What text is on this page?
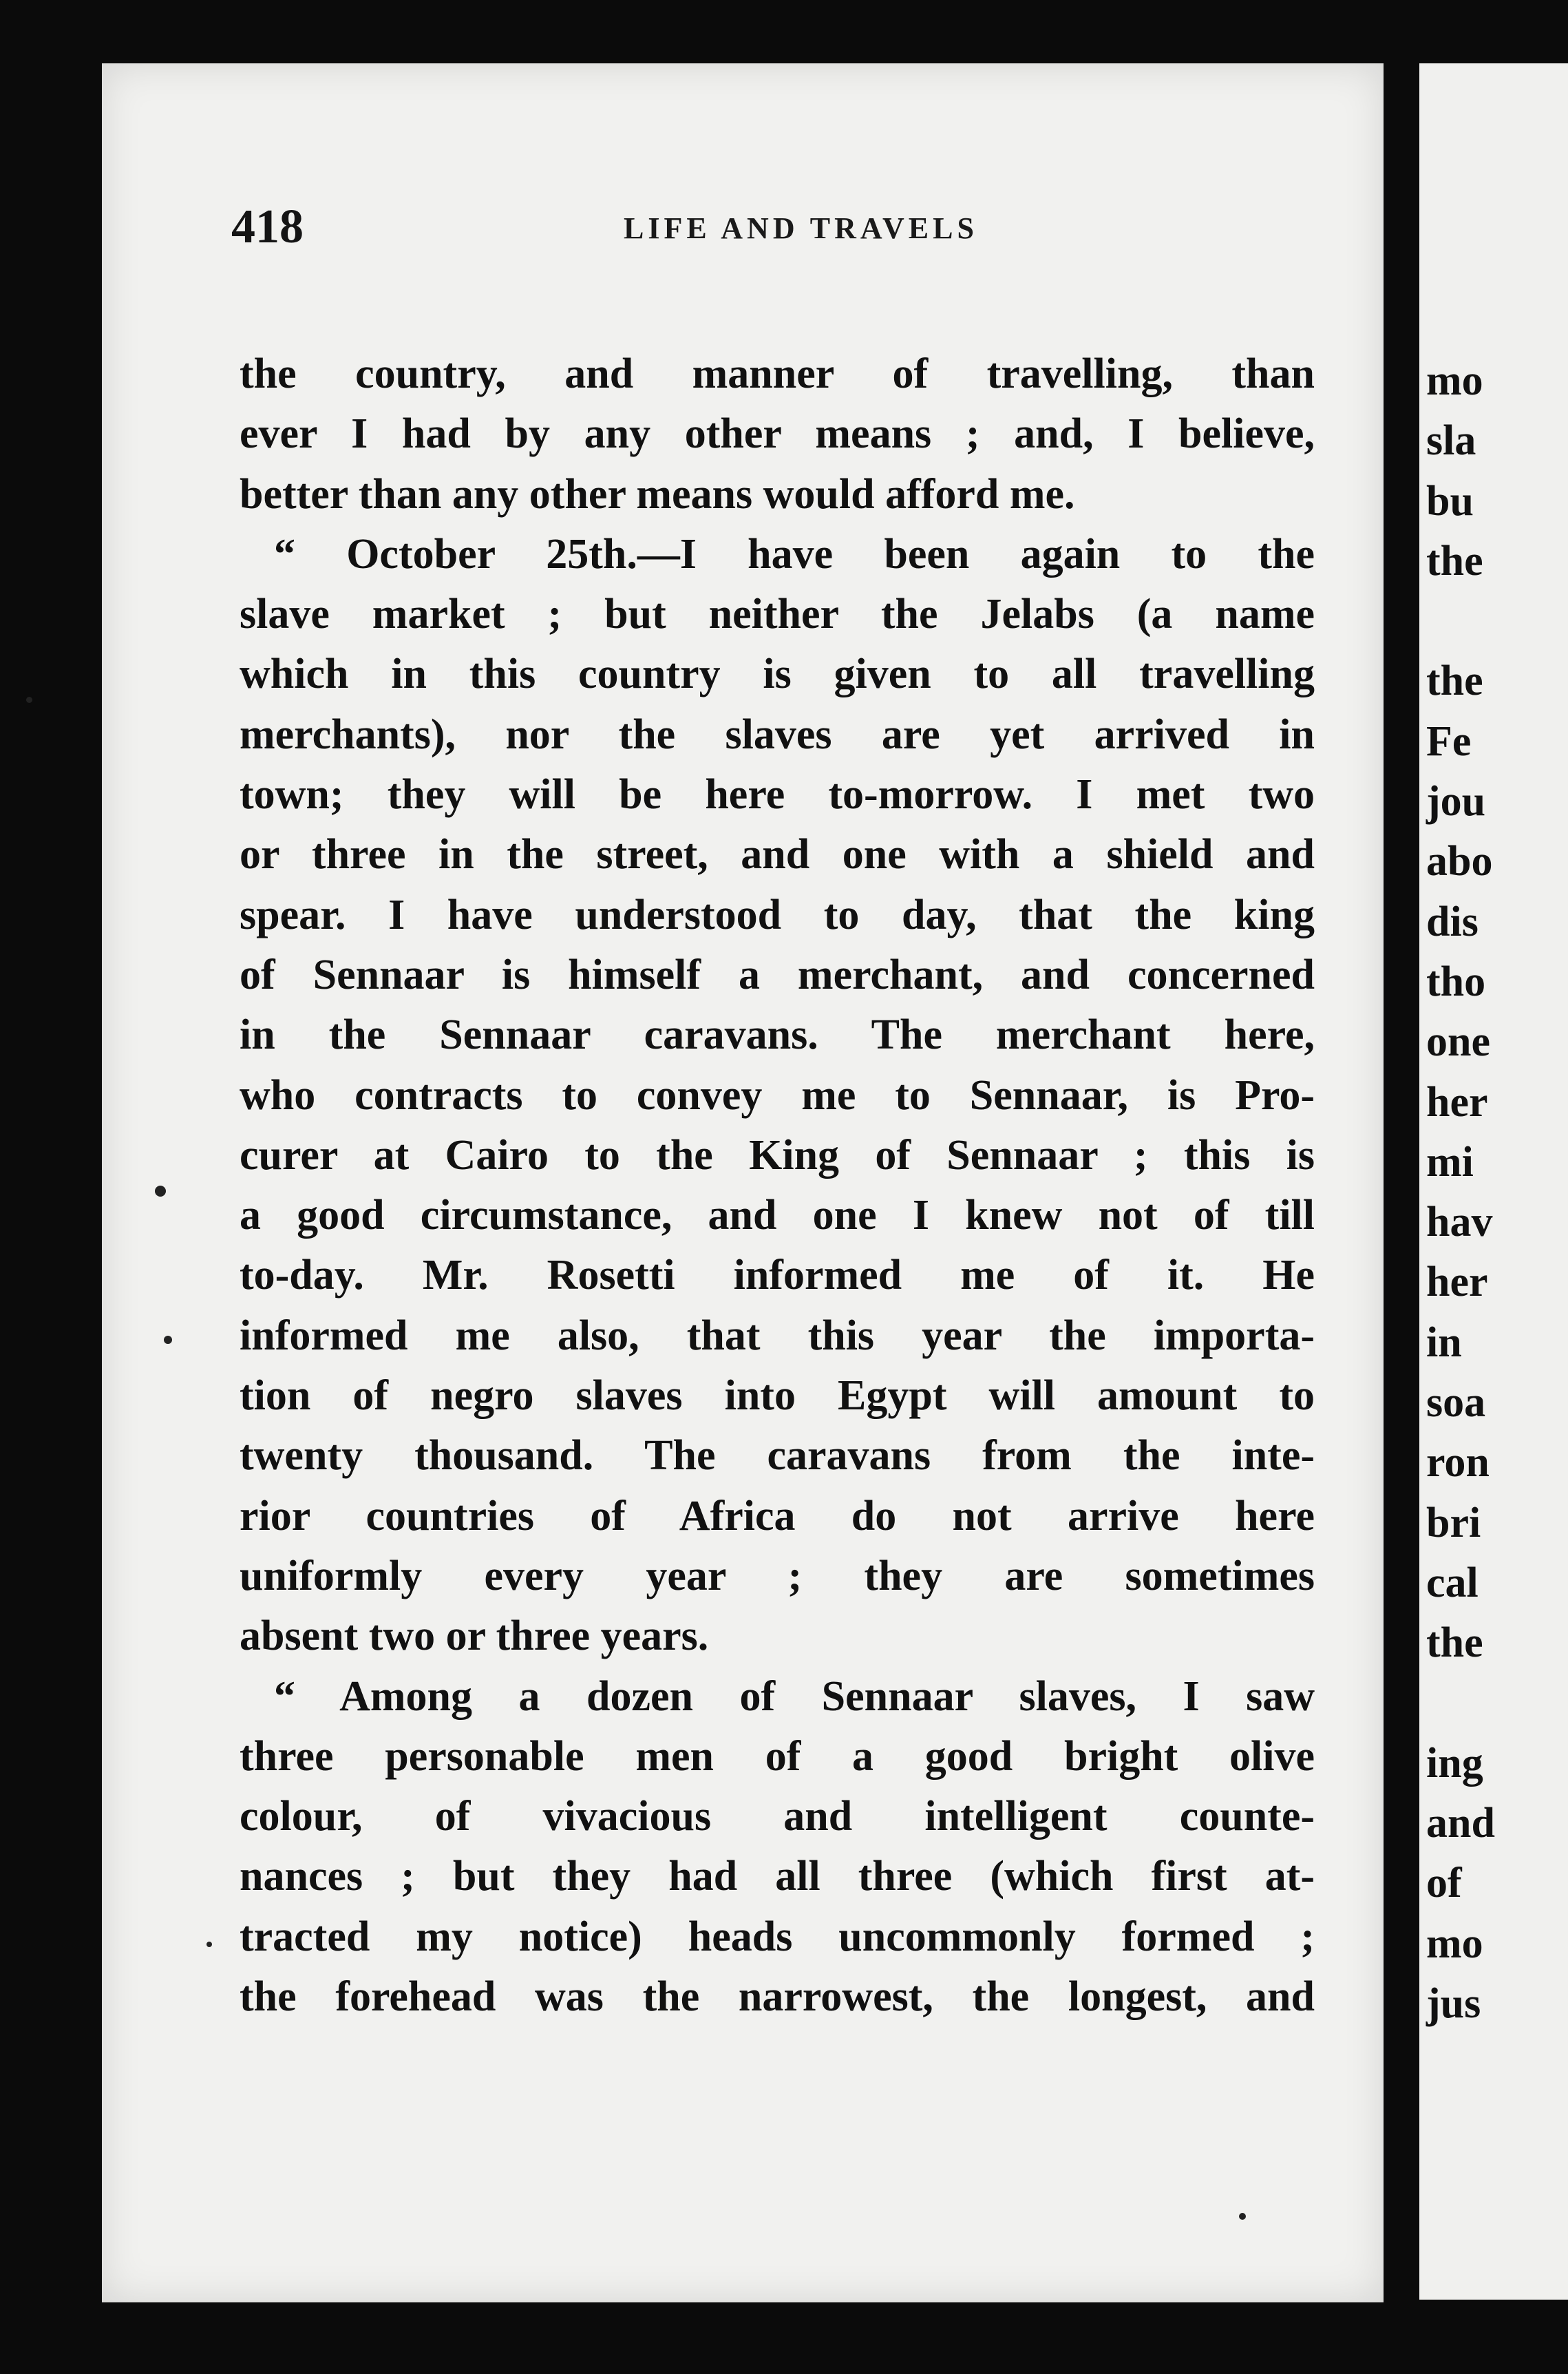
mo
sla
bu
the
the
Fe
jou
abo
dis
tho
one
her
mi
hav
her
in
soa
ron
bri
cal
the
ing
and
of
mo
jus
418	LIFE AND TRAVELS
the country, and manner of travelling, than
ever I had by any other means ; and, I believe,
better than any other means would afford me.
“ October 25th.—I have been again to the
slave market ; but neither the Jelabs (a name
which in this country is given to all travelling
merchants), nor the slaves are yet arrived in
town; they will be here to-morrow. I met two
or three in the street, and one with a shield and
spear. I have understood to day, that the king
of Sennaar is himself a merchant, and concerned
in the Sennaar caravans. The merchant here,
who contracts to convey me to Sennaar, is Pro-
curer at Cairo to the King of Sennaar ; this is
a good circumstance, and one I knew not of till
to-day. Mr. Rosetti informed me of it. He
informed me also, that this year the importa-
tion of negro slaves into Egypt will amount to
twenty thousand. The caravans from the inte-
rior countries of Africa do not arrive here
uniformly every year ; they are sometimes
absent two or three years.
“ Among a dozen of Sennaar slaves, I saw
three personable men of a good bright olive
colour, of vivacious and intelligent counte-
nances ; but they had all three (which first at-
tracted my notice) heads uncommonly formed ;
the forehead was the narrowest, the longest, and
